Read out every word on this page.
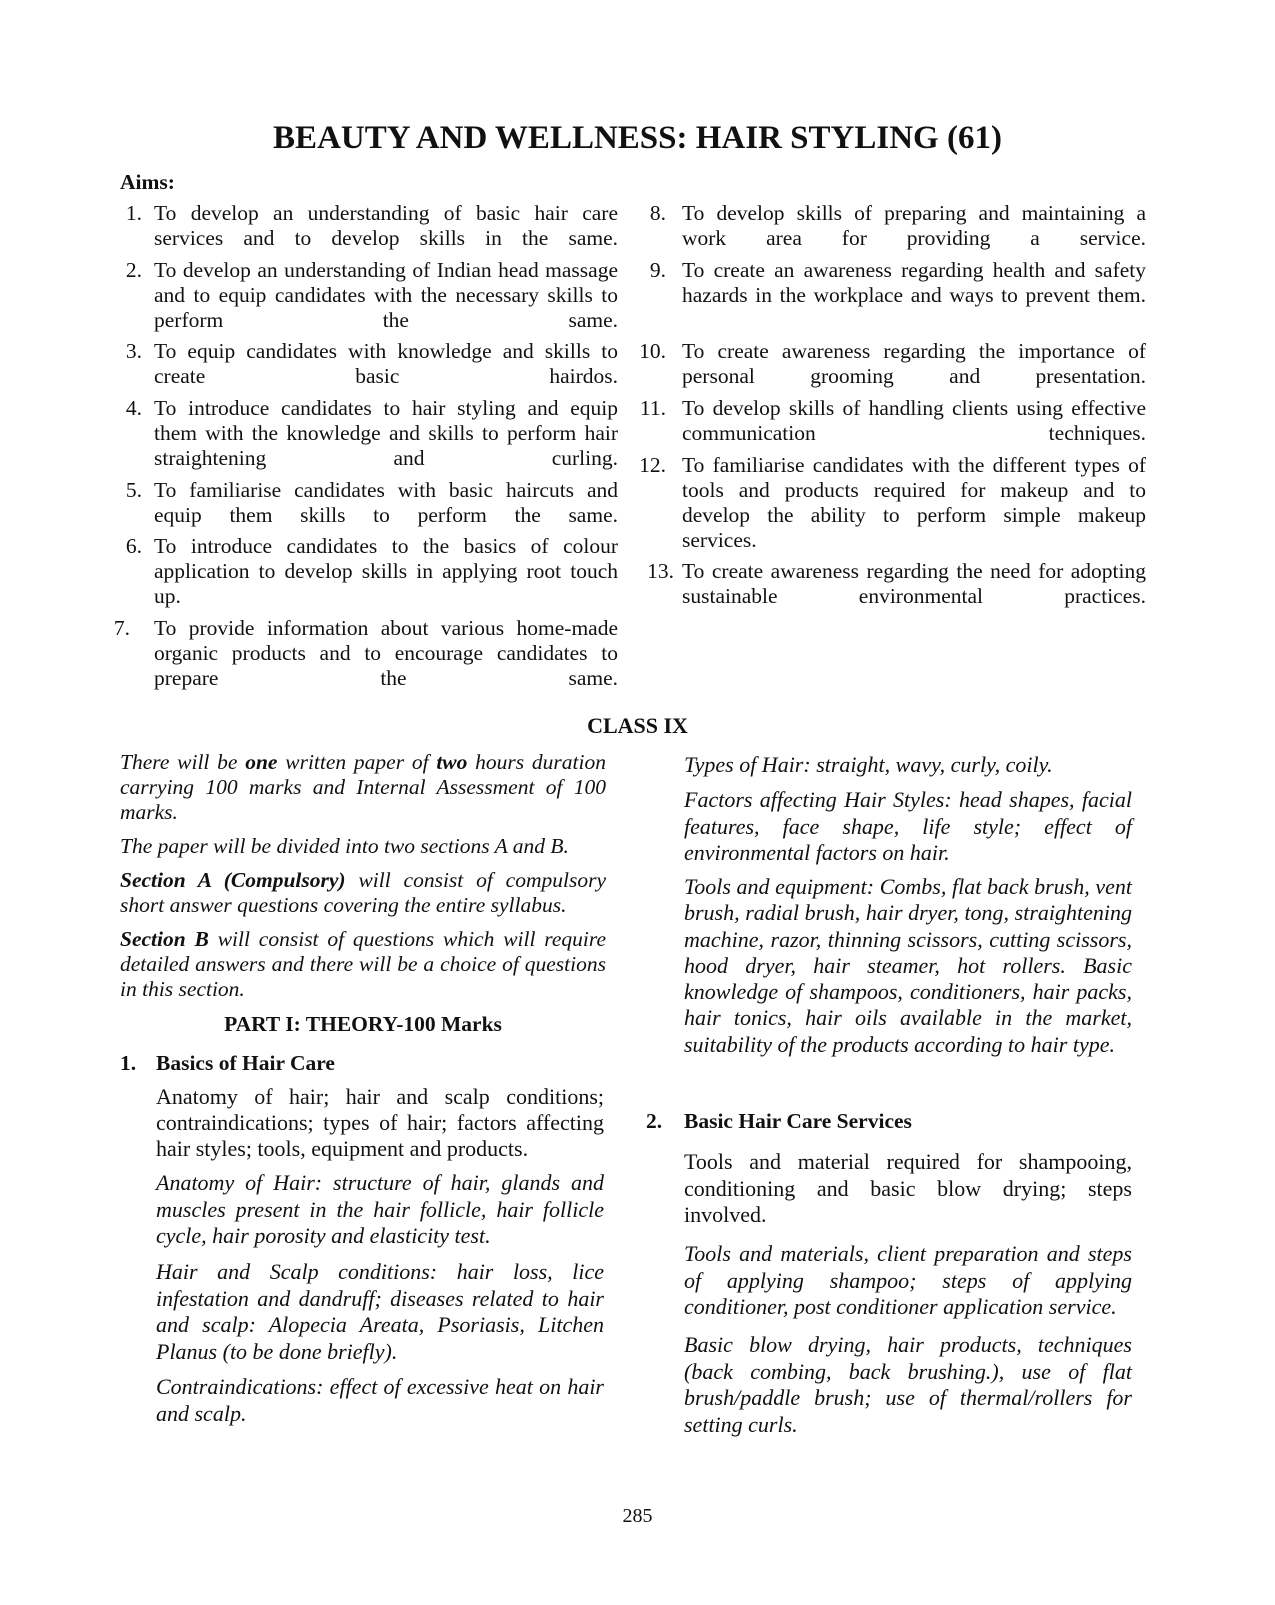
BEAUTY AND WELLNESS: HAIR STYLING (61)
Aims:
1. To develop an understanding of basic hair care services and to develop skills in the same.
2. To develop an understanding of Indian head massage and to equip candidates with the necessary skills to perform the same.
3. To equip candidates with knowledge and skills to create basic hairdos.
4. To introduce candidates to hair styling and equip them with the knowledge and skills to perform hair straightening and curling.
5. To familiarise candidates with basic haircuts and equip them skills to perform the same.
6. To introduce candidates to the basics of colour application to develop skills in applying root touch up.
7. To provide information about various home-made organic products and to encourage candidates to prepare the same.
8. To develop skills of preparing and maintaining a work area for providing a service.
9. To create an awareness regarding health and safety hazards in the workplace and ways to prevent them.
10. To create awareness regarding the importance of personal grooming and presentation.
11. To develop skills of handling clients using effective communication techniques.
12. To familiarise candidates with the different types of tools and products required for makeup and to develop the ability to perform simple makeup services.
13. To create awareness regarding the need for adopting sustainable environmental practices.
CLASS IX

There will be one written paper of two hours duration carrying 100 marks and Internal Assessment of 100 marks.

The paper will be divided into two sections A and B.

Section A (Compulsory) will consist of compulsory short answer questions covering the entire syllabus.

Section B will consist of questions which will require detailed answers and there will be a choice of questions in this section.

PART I: THEORY-100 Marks
1. Basics of Hair Care
Anatomy of hair; hair and scalp conditions; contraindications; types of hair; factors affecting hair styles; tools, equipment and products.
Anatomy of Hair: structure of hair, glands and muscles present in the hair follicle, hair follicle cycle, hair porosity and elasticity test.
Hair and Scalp conditions: hair loss, lice infestation and dandruff; diseases related to hair and scalp: Alopecia Areata, Psoriasis, Litchen Planus (to be done briefly).
Contraindications: effect of excessive heat on hair and scalp.
Types of Hair: straight, wavy, curly, coily.
Factors affecting Hair Styles: head shapes, facial features, face shape, life style; effect of environmental factors on hair.
Tools and equipment: Combs, flat back brush, vent brush, radial brush, hair dryer, tong, straightening machine, razor, thinning scissors, cutting scissors, hood dryer, hair steamer, hot rollers. Basic knowledge of shampoos, conditioners, hair packs, hair tonics, hair oils available in the market, suitability of the products according to hair type.
2. Basic Hair Care Services
Tools and material required for shampooing, conditioning and basic blow drying; steps involved.
Tools and materials, client preparation and steps of applying shampoo; steps of applying conditioner, post conditioner application service.
Basic blow drying, hair products, techniques (back combing, back brushing.), use of flat brush/paddle brush; use of thermal/rollers for setting curls.
285
